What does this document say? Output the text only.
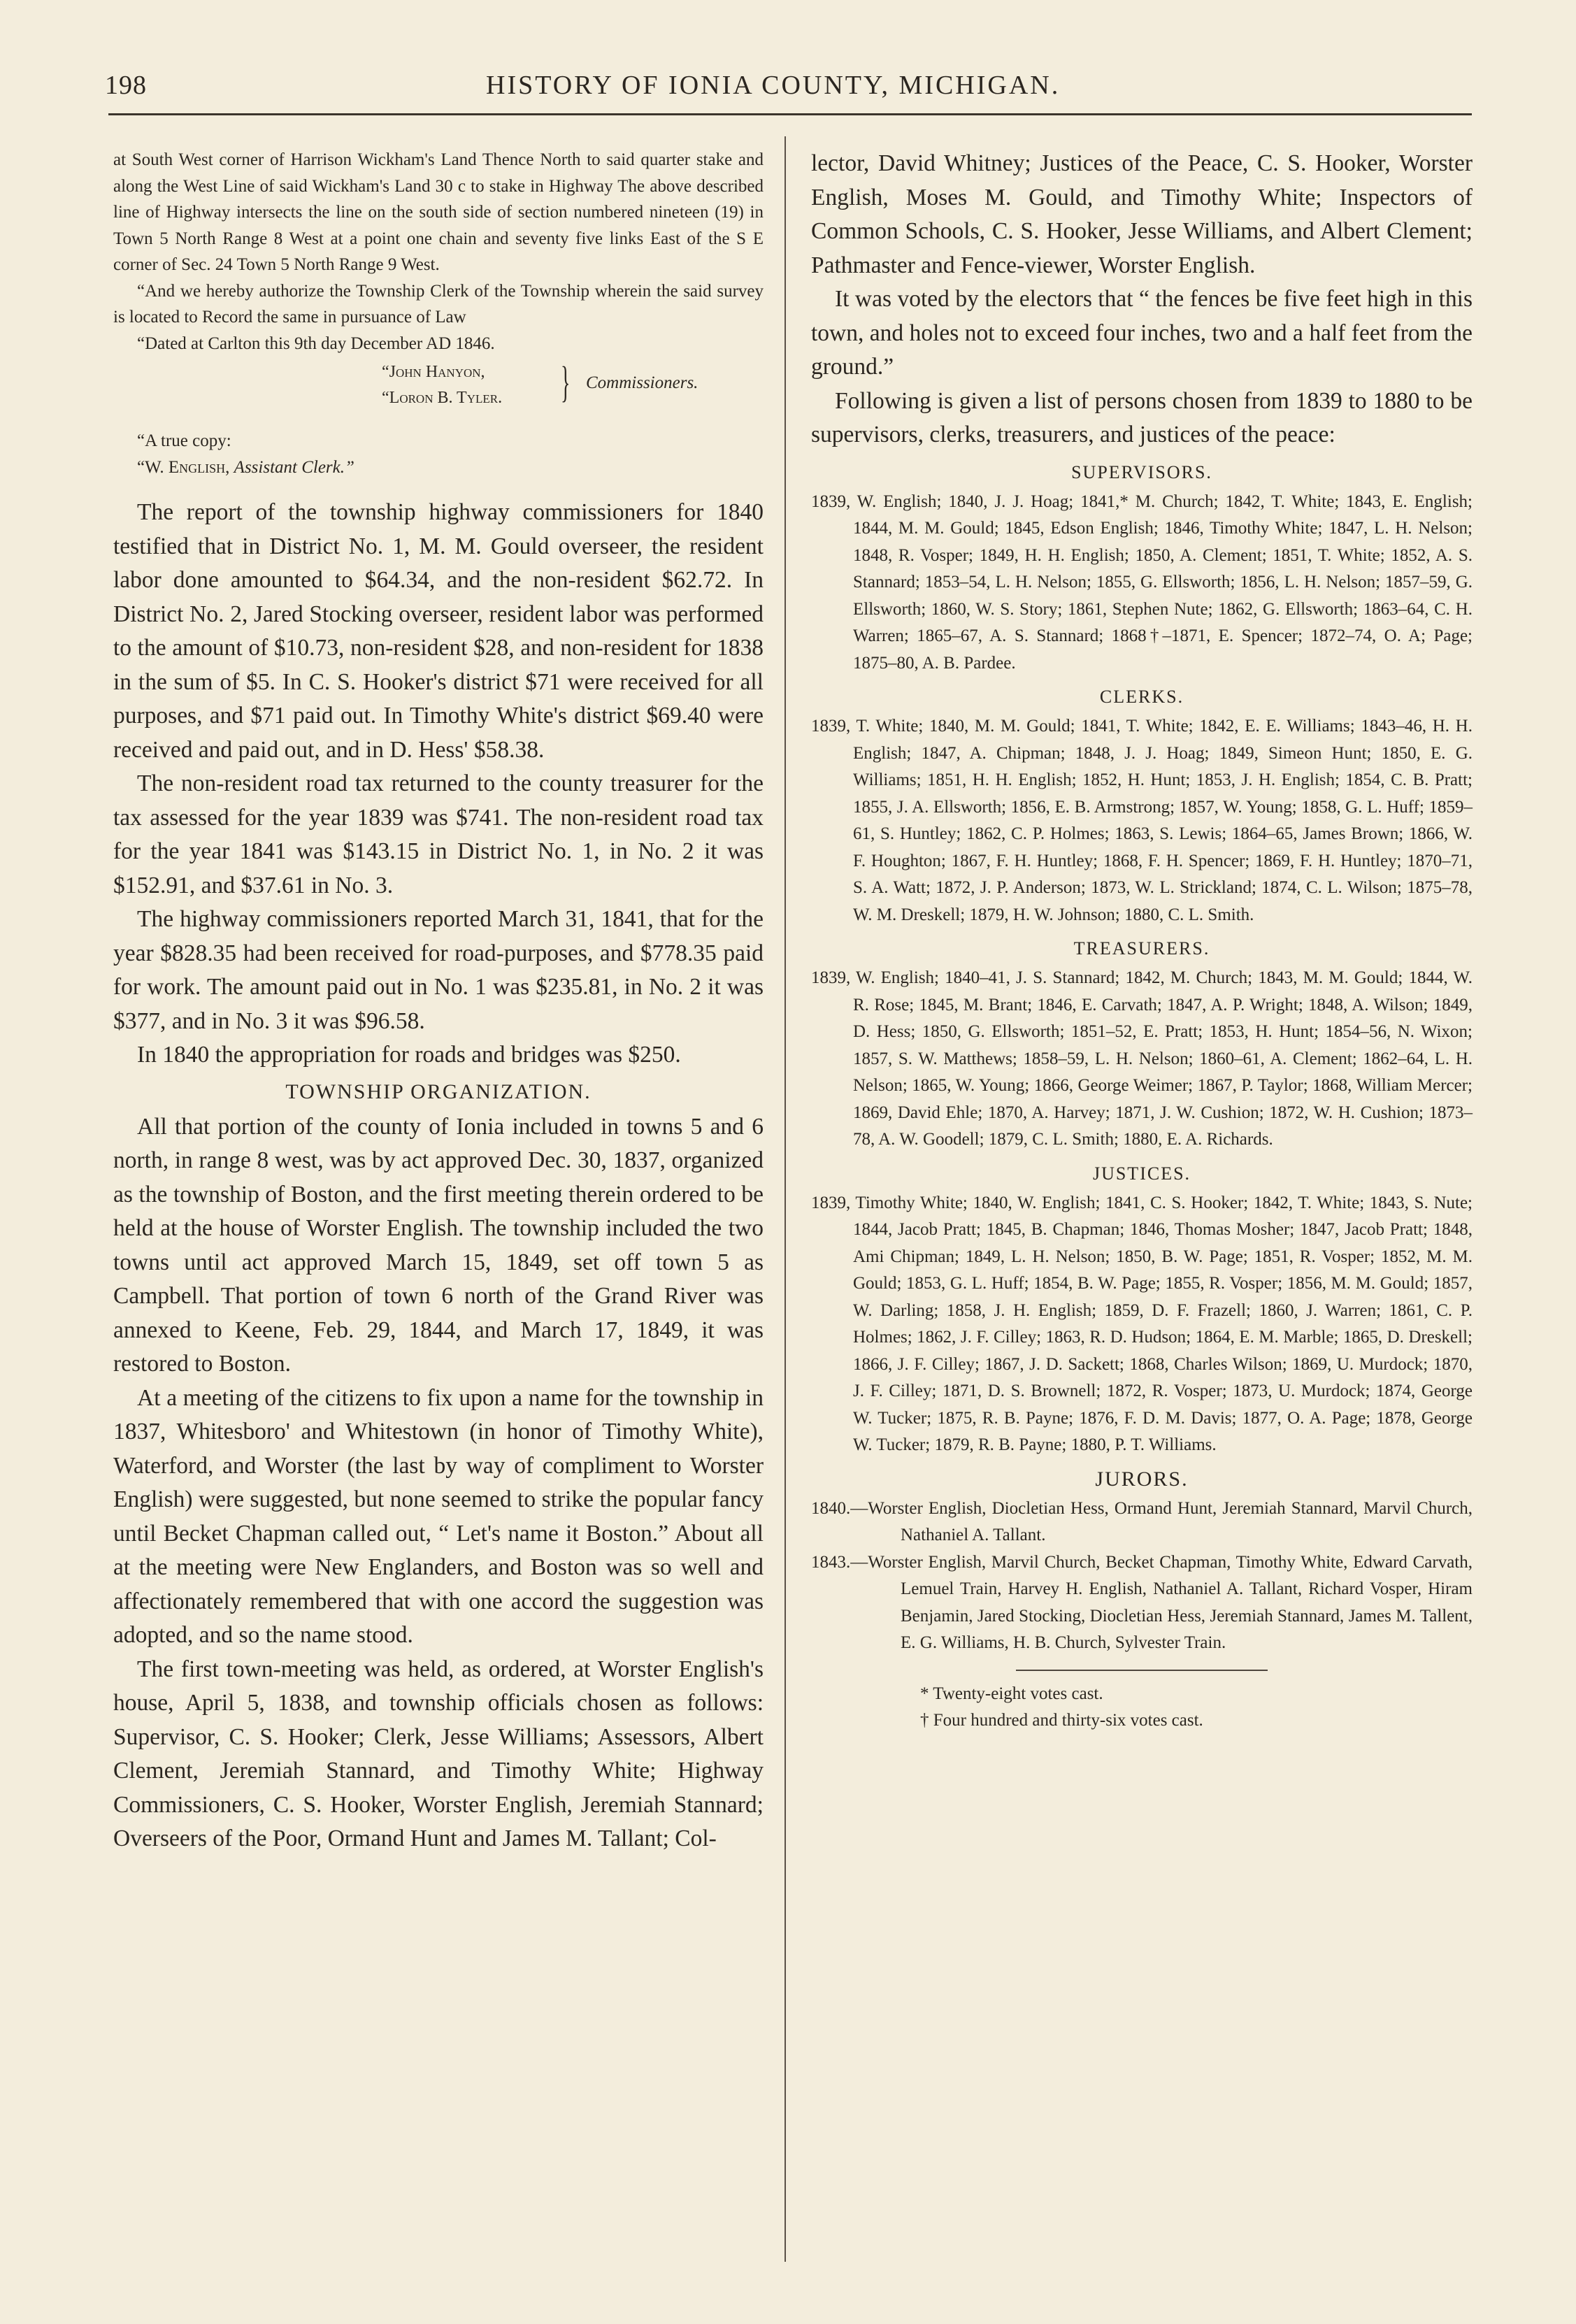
198	HISTORY OF IONIA COUNTY, MICHIGAN.

at South West corner of Harrison Wickham's Land Thence North to said quarter stake and along the West Line of said Wickham's Land 30 c to stake in Highway The above described line of Highway intersects the line on the south side of section numbered nineteen (19) in Town 5 North Range 8 West at a point one chain and seventy five links East of the S E corner of Sec. 24 Town 5 North Range 9 West.

“And we hereby authorize the Township Clerk of the Township wherein the said survey is located to Record the same in pursuance of Law

“Dated at Carlton this 9th day December AD 1846.

“John Hanyon,
“Loron B. Tyler. } Commissioners.
“A true copy:
“W. English, Assistant Clerk.”

The report of the township highway commissioners for 1840 testified that in District No. 1, M. M. Gould overseer, the resident labor done amounted to $64.34, and the non-resident $62.72. In District No. 2, Jared Stocking overseer, resident labor was performed to the amount of $10.73, non-resident $28, and non-resident for 1838 in the sum of $5. In C. S. Hooker's district $71 were received for all purposes, and $71 paid out. In Timothy White's district $69.40 were received and paid out, and in D. Hess' $58.38.

The non-resident road tax returned to the county treasurer for the tax assessed for the year 1839 was $741. The non-resident road tax for the year 1841 was $143.15 in District No. 1, in No. 2 it was $152.91, and $37.61 in No. 3.

The highway commissioners reported March 31, 1841, that for the year $828.35 had been received for road-purposes, and $778.35 paid for work. The amount paid out in No. 1 was $235.81, in No. 2 it was $377, and in No. 3 it was $96.58.

In 1840 the appropriation for roads and bridges was $250.

TOWNSHIP ORGANIZATION.

All that portion of the county of Ionia included in towns 5 and 6 north, in range 8 west, was by act approved Dec. 30, 1837, organized as the township of Boston, and the first meeting therein ordered to be held at the house of Worster English. The township included the two towns until act approved March 15, 1849, set off town 5 as Campbell. That portion of town 6 north of the Grand River was annexed to Keene, Feb. 29, 1844, and March 17, 1849, it was restored to Boston.

At a meeting of the citizens to fix upon a name for the township in 1837, Whitesboro' and Whitestown (in honor of Timothy White), Waterford, and Worster (the last by way of compliment to Worster English) were suggested, but none seemed to strike the popular fancy until Becket Chapman called out, “ Let's name it Boston.” About all at the meeting were New Englanders, and Boston was so well and affectionately remembered that with one accord the suggestion was adopted, and so the name stood.

The first town-meeting was held, as ordered, at Worster English's house, April 5, 1838, and township officials chosen as follows: Supervisor, C. S. Hooker; Clerk, Jesse Williams; Assessors, Albert Clement, Jeremiah Stannard, and Timothy White; Highway Commissioners, C. S. Hooker, Worster English, Jeremiah Stannard; Overseers of the Poor, Ormand Hunt and James M. Tallant; Col-

lector, David Whitney; Justices of the Peace, C. S. Hooker, Worster English, Moses M. Gould, and Timothy White; Inspectors of Common Schools, C. S. Hooker, Jesse Williams, and Albert Clement; Pathmaster and Fence-viewer, Worster English.

It was voted by the electors that “ the fences be five feet high in this town, and holes not to exceed four inches, two and a half feet from the ground.”

Following is given a list of persons chosen from 1839 to 1880 to be supervisors, clerks, treasurers, and justices of the peace:

SUPERVISORS.

1839, W. English; 1840, J. J. Hoag; 1841,* M. Church; 1842, T. White; 1843, E. English; 1844, M. M. Gould; 1845, Edson English; 1846, Timothy White; 1847, L. H. Nelson; 1848, R. Vosper; 1849, H. H. English; 1850, A. Clement; 1851, T. White; 1852, A. S. Stannard; 1853–54, L. H. Nelson; 1855, G. Ellsworth; 1856, L. H. Nelson; 1857–59, G. Ellsworth; 1860, W. S. Story; 1861, Stephen Nute; 1862, G. Ellsworth; 1863–64, C. H. Warren; 1865–67, A. S. Stannard; 1868†–1871, E. Spencer; 1872–74, O. A; Page; 1875–80, A. B. Pardee.

CLERKS.

1839, T. White; 1840, M. M. Gould; 1841, T. White; 1842, E. E. Williams; 1843–46, H. H. English; 1847, A. Chipman; 1848, J. J. Hoag; 1849, Simeon Hunt; 1850, E. G. Williams; 1851, H. H. English; 1852, H. Hunt; 1853, J. H. English; 1854, C. B. Pratt; 1855, J. A. Ellsworth; 1856, E. B. Armstrong; 1857, W. Young; 1858, G. L. Huff; 1859–61, S. Huntley; 1862, C. P. Holmes; 1863, S. Lewis; 1864–65, James Brown; 1866, W. F. Houghton; 1867, F. H. Huntley; 1868, F. H. Spencer; 1869, F. H. Huntley; 1870–71, S. A. Watt; 1872, J. P. Anderson; 1873, W. L. Strickland; 1874, C. L. Wilson; 1875–78, W. M. Dreskell; 1879, H. W. Johnson; 1880, C. L. Smith.

TREASURERS.

1839, W. English; 1840–41, J. S. Stannard; 1842, M. Church; 1843, M. M. Gould; 1844, W. R. Rose; 1845, M. Brant; 1846, E. Carvath; 1847, A. P. Wright; 1848, A. Wilson; 1849, D. Hess; 1850, G. Ellsworth; 1851–52, E. Pratt; 1853, H. Hunt; 1854–56, N. Wixon; 1857, S. W. Matthews; 1858–59, L. H. Nelson; 1860–61, A. Clement; 1862–64, L. H. Nelson; 1865, W. Young; 1866, George Weimer; 1867, P. Taylor; 1868, William Mercer; 1869, David Ehle; 1870, A. Harvey; 1871, J. W. Cushion; 1872, W. H. Cushion; 1873–78, A. W. Goodell; 1879, C. L. Smith; 1880, E. A. Richards.

JUSTICES.

1839, Timothy White; 1840, W. English; 1841, C. S. Hooker; 1842, T. White; 1843, S. Nute; 1844, Jacob Pratt; 1845, B. Chapman; 1846, Thomas Mosher; 1847, Jacob Pratt; 1848, Ami Chipman; 1849, L. H. Nelson; 1850, B. W. Page; 1851, R. Vosper; 1852, M. M. Gould; 1853, G. L. Huff; 1854, B. W. Page; 1855, R. Vosper; 1856, M. M. Gould; 1857, W. Darling; 1858, J. H. English; 1859, D. F. Frazell; 1860, J. Warren; 1861, C. P. Holmes; 1862, J. F. Cilley; 1863, R. D. Hudson; 1864, E. M. Marble; 1865, D. Dreskell; 1866, J. F. Cilley; 1867, J. D. Sackett; 1868, Charles Wilson; 1869, U. Murdock; 1870, J. F. Cilley; 1871, D. S. Brownell; 1872, R. Vosper; 1873, U. Murdock; 1874, George W. Tucker; 1875, R. B. Payne; 1876, F. D. M. Davis; 1877, O. A. Page; 1878, George W. Tucker; 1879, R. B. Payne; 1880, P. T. Williams.

JURORS.

1840.—Worster English, Diocletian Hess, Ormand Hunt, Jeremiah Stannard, Marvil Church, Nathaniel A. Tallant.

1843.—Worster English, Marvil Church, Becket Chapman, Timothy White, Edward Carvath, Lemuel Train, Harvey H. English, Nathaniel A. Tallant, Richard Vosper, Hiram Benjamin, Jared Stocking, Diocletian Hess, Jeremiah Stannard, James M. Tallent, E. G. Williams, H. B. Church, Sylvester Train.

* Twenty-eight votes cast.

† Four hundred and thirty-six votes cast.
